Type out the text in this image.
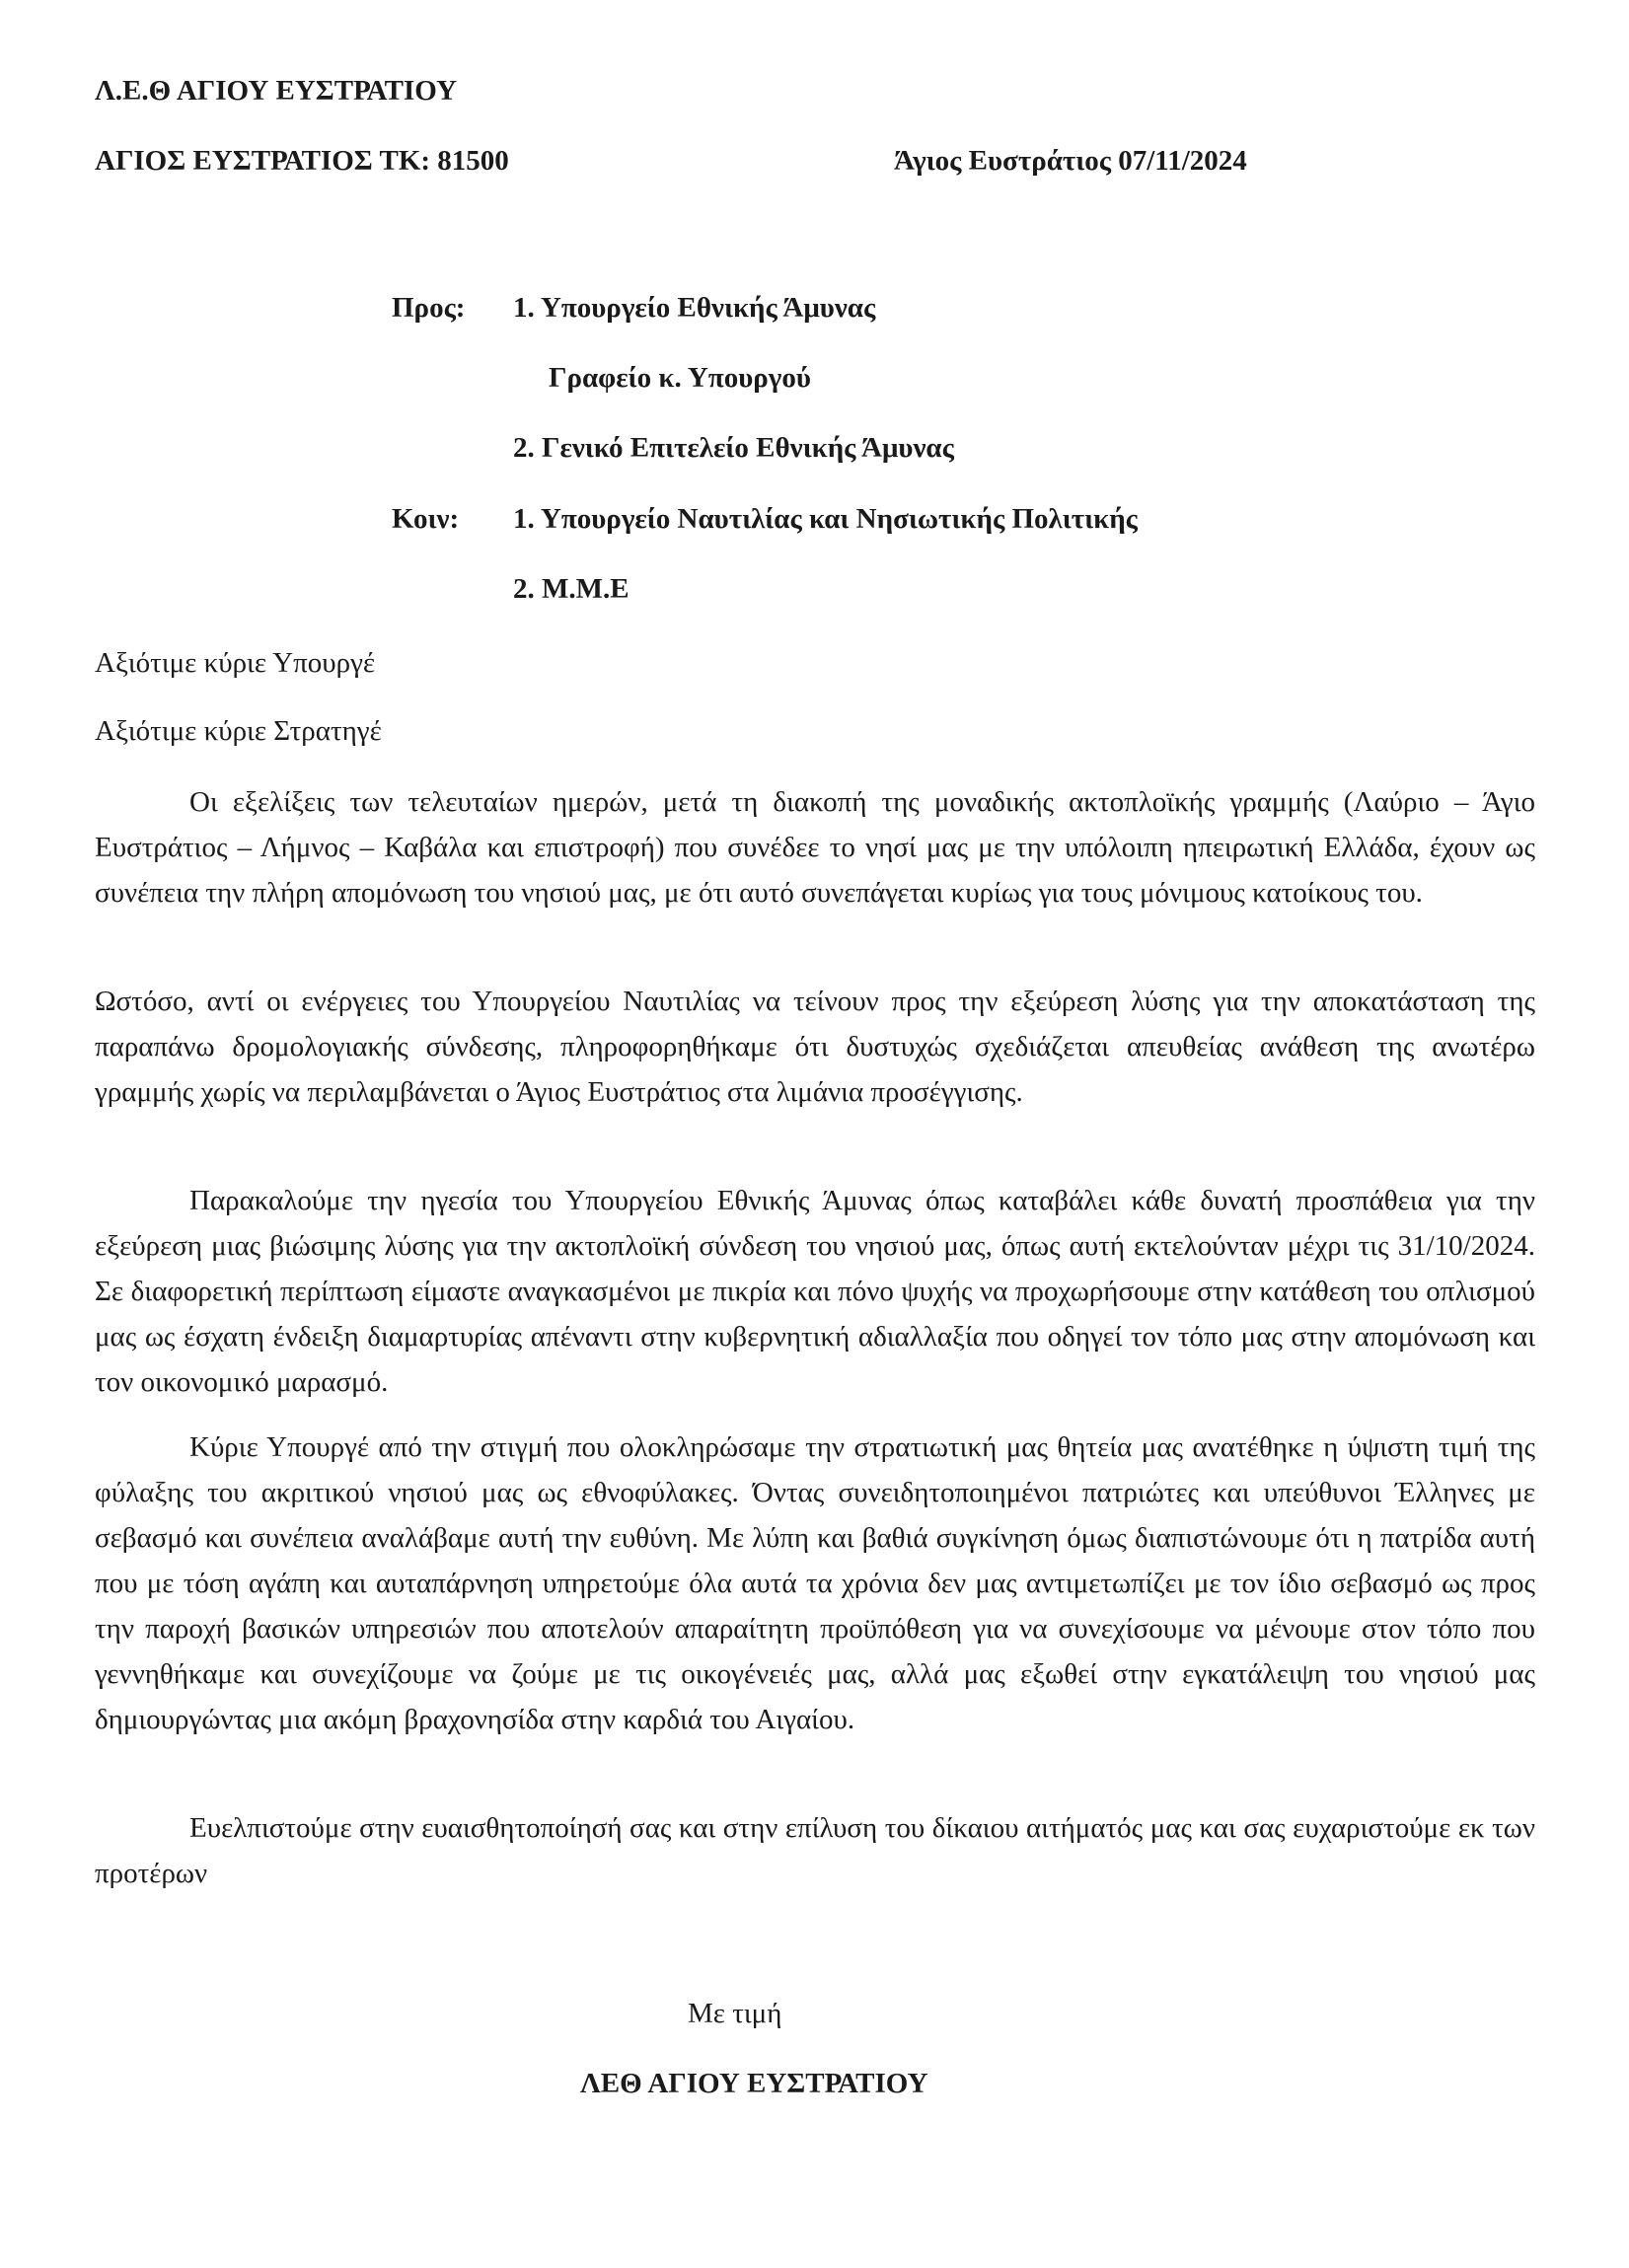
Λ.Ε.Θ ΑΓΙΟΥ ΕΥΣΤΡΑΤΙΟΥ
ΑΓΙΟΣ ΕΥΣΤΡΑΤΙΟΣ ΤΚ: 81500	Άγιος Ευστράτιος 07/11/2024
Προς: 1. Υπουργείο Εθνικής Άμυνας
Γραφείο κ. Υπουργού
2. Γενικό Επιτελείο Εθνικής Άμυνας
Κοιν: 1. Υπουργείο Ναυτιλίας και Νησιωτικής Πολιτικής
2. Μ.Μ.Ε
Αξιότιμε κύριε Υπουργέ
Αξιότιμε κύριε Στρατηγέ

Οι εξελίξεις των τελευταίων ημερών, μετά τη διακοπή της μοναδικής ακτοπλοϊκής γραμμής (Λαύριο – Άγιο Ευστράτιος – Λήμνος – Καβάλα και επιστροφή) που συνέδεε το νησί μας με την υπόλοιπη ηπειρωτική Ελλάδα, έχουν ως συνέπεια την πλήρη απομόνωση του νησιού μας, με ότι αυτό συνεπάγεται κυρίως για τους μόνιμους κατοίκους του.

Ωστόσο, αντί οι ενέργειες του Υπουργείου Ναυτιλίας να τείνουν προς την εξεύρεση λύσης για την αποκατάσταση της παραπάνω δρομολογιακής σύνδεσης, πληροφορηθήκαμε ότι δυστυχώς σχεδιάζεται απευθείας ανάθεση της ανωτέρω γραμμής χωρίς να περιλαμβάνεται ο Άγιος Ευστράτιος στα λιμάνια προσέγγισης.

Παρακαλούμε την ηγεσία του Υπουργείου Εθνικής Άμυνας όπως καταβάλει κάθε δυνατή προσπάθεια για την εξεύρεση μιας βιώσιμης λύσης για την ακτοπλοϊκή σύνδεση του νησιού μας, όπως αυτή εκτελούνταν μέχρι τις 31/10/2024. Σε διαφορετική περίπτωση είμαστε αναγκασμένοι με πικρία και πόνο ψυχής να προχωρήσουμε στην κατάθεση του οπλισμού μας ως έσχατη ένδειξη διαμαρτυρίας απέναντι στην κυβερνητική αδιαλλαξία που οδηγεί τον τόπο μας στην απομόνωση και τον οικονομικό μαρασμό.

Κύριε Υπουργέ από την στιγμή που ολοκληρώσαμε την στρατιωτική μας θητεία μας ανατέθηκε η ύψιστη τιμή της φύλαξης του ακριτικού νησιού μας ως εθνοφύλακες. Όντας συνειδητοποιημένοι πατριώτες και υπεύθυνοι Έλληνες με σεβασμό και συνέπεια αναλάβαμε αυτή την ευθύνη. Με λύπη και βαθιά συγκίνηση όμως διαπιστώνουμε ότι η πατρίδα αυτή που με τόση αγάπη και αυταπάρνηση υπηρετούμε όλα αυτά τα χρόνια δεν μας αντιμετωπίζει με τον ίδιο σεβασμό ως προς την παροχή βασικών υπηρεσιών που αποτελούν απαραίτητη προϋπόθεση για να συνεχίσουμε να μένουμε στον τόπο που γεννηθήκαμε και συνεχίζουμε να ζούμε με τις οικογένειές μας, αλλά μας εξωθεί στην εγκατάλειψη του νησιού μας δημιουργώντας μια ακόμη βραχονησίδα στην καρδιά του Αιγαίου.

Ευελπιστούμε στην ευαισθητοποίησή σας και στην επίλυση του δίκαιου αιτήματός μας και σας ευχαριστούμε εκ των προτέρων

Με τιμή
ΛΕΘ ΑΓΙΟΥ ΕΥΣΤΡΑΤΙΟΥ
